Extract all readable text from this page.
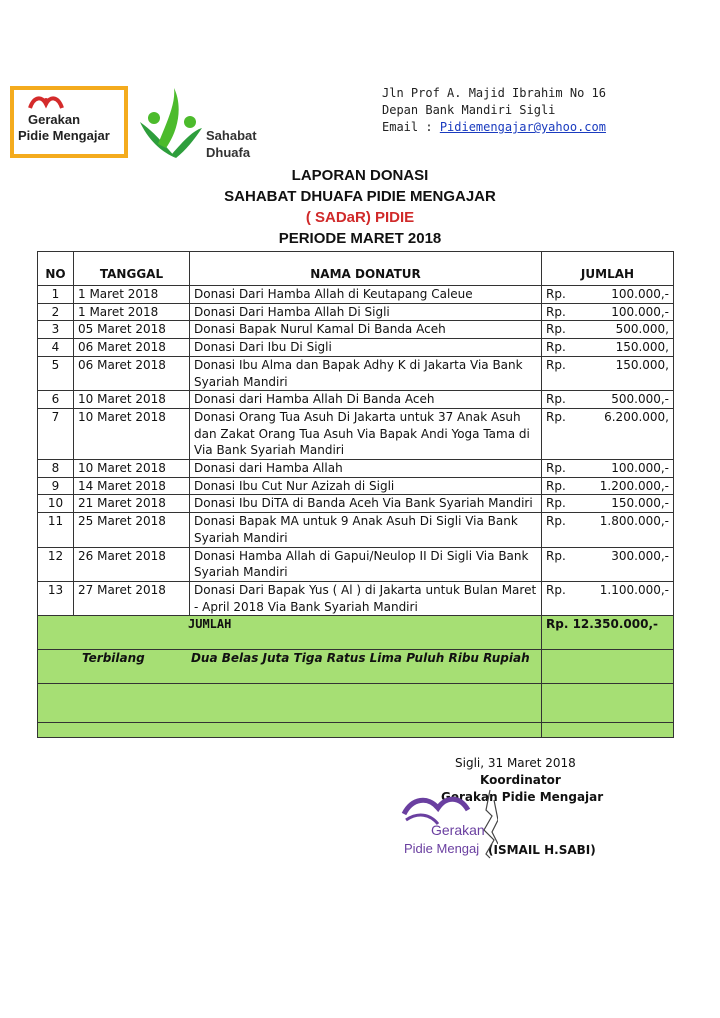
Gerakan
Pidie Mengajar	Sahabat
Dhuafa
Jln Prof A. Majid Ibrahim No 16
Depan Bank Mandiri Sigli
Email : Pidiemengajar@yahoo.com
LAPORAN DONASI
SAHABAT DHUAFA PIDIE MENGAJAR
( SADaR) PIDIE
PERIODE MARET 2018
NO	TANGGAL	NAMA DONATUR	JUMLAH
1	1 Maret 2018	Donasi Dari Hamba Allah di Keutapang Caleue	Rp. 100.000,-

2	1 Maret 2018	Donasi Dari Hamba Allah Di Sigli	Rp. 100.000,-

3	05 Maret 2018	Donasi Bapak Nurul Kamal Di Banda Aceh	Rp. 500.000,

4	06 Maret 2018	Donasi Dari Ibu Di Sigli	Rp. 150.000,

5	06 Maret 2018	Donasi Ibu Alma dan Bapak Adhy K di Jakarta Via Bank Syariah Mandiri	Rp. 150.000,

6	10 Maret 2018	Donasi dari Hamba Allah Di Banda Aceh	Rp. 500.000,-

7	10 Maret 2018	Donasi Orang Tua Asuh Di Jakarta untuk 37 Anak Asuh dan Zakat Orang Tua Asuh Via Bapak Andi Yoga Tama di Via Bank Syariah Mandiri	Rp. 6.200.000,

8	10 Maret 2018	Donasi dari Hamba Allah	Rp. 100.000,-

9	14 Maret 2018	Donasi Ibu Cut Nur Azizah di Sigli	Rp. 1.200.000,-

10	21 Maret 2018	Donasi Ibu DiTA di Banda Aceh Via Bank Syariah Mandiri	Rp. 150.000,-

11	25 Maret 2018	Donasi Bapak MA untuk 9 Anak Asuh Di Sigli Via Bank Syariah Mandiri	Rp. 1.800.000,-

12	26 Maret 2018	Donasi Hamba Allah di Gapui/Neulop II Di Sigli Via Bank Syariah Mandiri	Rp. 300.000,-

13	27 Maret 2018	Donasi Dari Bapak Yus ( Al ) di Jakarta untuk Bulan Maret - April 2018 Via Bank Syariah Mandiri	Rp. 1.100.000,-

JUMLAH			Rp. 12.350.000,-
Terbilang Dua Belas Juta Tiga Ratus Lima Puluh Ribu Rupiah			

Sigli, 31 Maret 2018
Koordinator
Gerakan Pidie Mengajar
(ISMAIL H.SABI)
Gerakan
Pidie Mengaj
